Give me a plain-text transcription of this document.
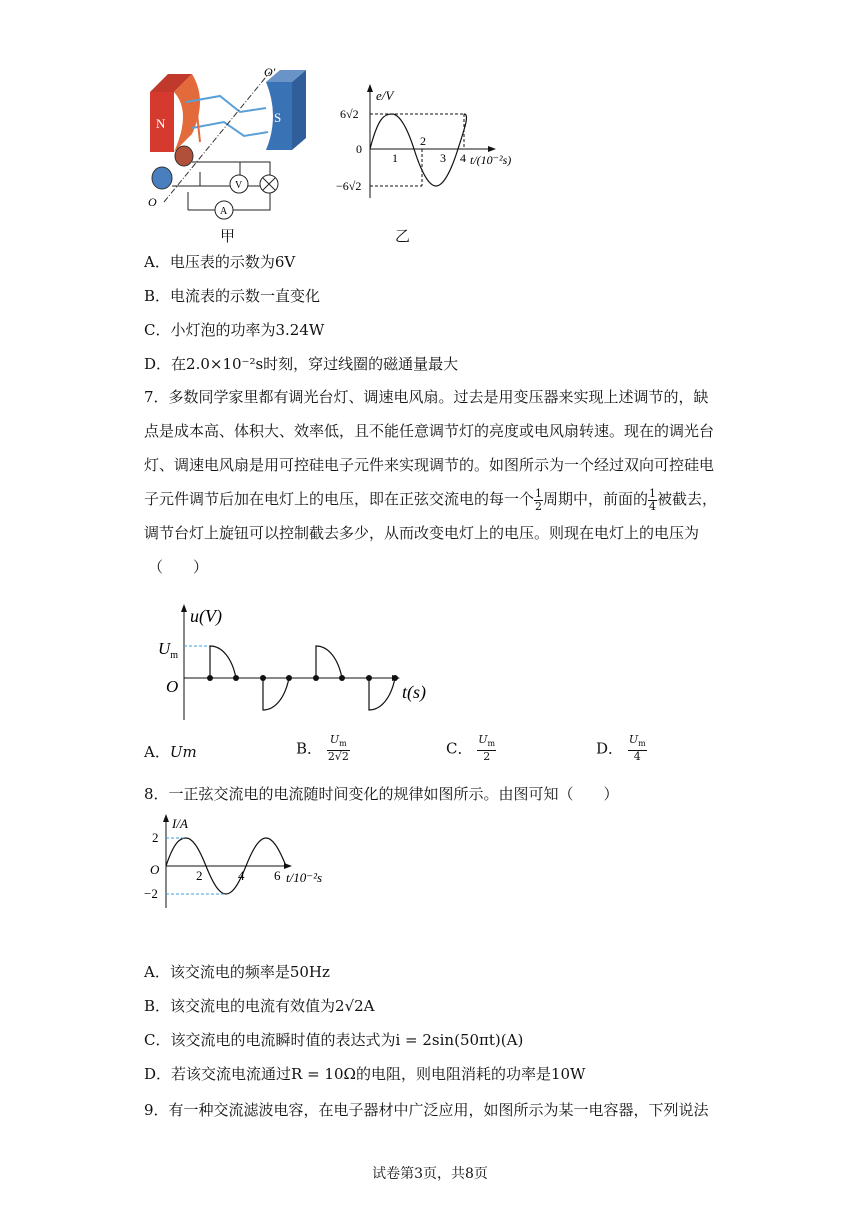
N	S
O′
O
V
A
甲
e/V
6√2
−6√2
0
1
2
3 4 t/(10⁻²s)
乙
A．电压表的示数为6V
B．电流表的示数一直变化
C．小灯泡的功率为3.24W
D．在2.0×10⁻²s时刻，穿过线圈的磁通量最大
7．多数同学家里都有调光台灯、调速电风扇。过去是用变压器来实现上述调节的，缺
点是成本高、体积大、效率低，且不能任意调节灯的亮度或电风扇转速。现在的调光台
灯、调速电风扇是用可控硅电子元件来实现调节的。如图所示为一个经过双向可控硅电
子元件调节后加在电灯上的电压，即在正弦交流电的每一个 $\frac{1}{2}$ 周期中，前面的 $\frac{1}{4}$ 被截去，
调节台灯上旋钮可以控制截去多少，从而改变电灯上的电压。则现在电灯上的电压为
（　　）
u(V)
$U_m$
O	t(s)
A．Um	B． $\frac{U_m}{2√2}$	C． $\frac{U_m}{2}$	D． $\frac{U_m}{4}$
8．一正弦交流电的电流随时间变化的规律如图所示。由图可知（　　）
I/A
2
−2
O	2	4 6 t/10⁻²s
A．该交流电的频率是50Hz
B．该交流电的电流有效值为2√2A
C．该交流电的电流瞬时值的表达式为i = 2sin(50πt)(A)
D．若该交流电流通过R = 10Ω的电阻，则电阻消耗的功率是10W
9．有一种交流滤波电容，在电子器材中广泛应用，如图所示为某一电容器，下列说法
试卷第3页，共8页
